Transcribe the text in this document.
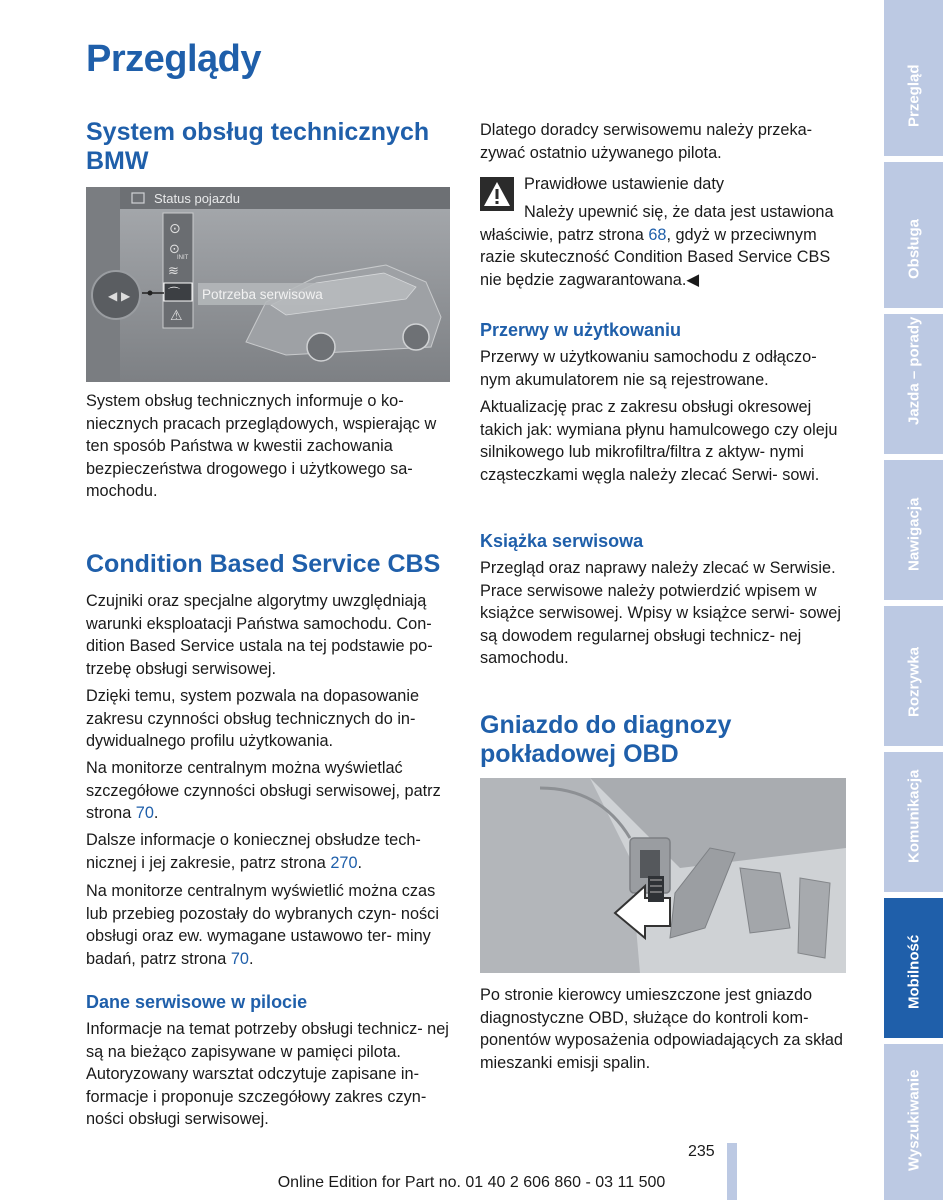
Przeglądy
System obsług technicznych BMW
Status pojazdu
◀ ▶
⊙
⊙
INIT
≋
⌒
⚠
Potrzeba serwisowa

System obsług technicznych informuje o ko- niecznych pracach przeglądowych, wspierając w ten sposób Państwa w kwestii zachowania bezpieczeństwa drogowego i użytkowego sa- mochodu.

Condition Based Service CBS

Czujniki oraz specjalne algorytmy uwzględniają warunki eksploatacji Państwa samochodu. Con- dition Based Service ustala na tej podstawie po- trzebę obsługi serwisowej.

Dzięki temu, system pozwala na dopasowanie zakresu czynności obsług technicznych do in- dywidualnego profilu użytkowania.

Na monitorze centralnym można wyświetlać szczegółowe czynności obsługi serwisowej, patrz strona 70.

Dalsze informacje o koniecznej obsłudze tech- nicznej i jej zakresie, patrz strona 270.

Na monitorze centralnym wyświetlić można czas lub przebieg pozostały do wybranych czyn- ności obsługi oraz ew. wymagane ustawowo ter- miny badań, patrz strona 70.

Dane serwisowe w pilocie

Informacje na temat potrzeby obsługi technicz- nej są na bieżąco zapisywane w pamięci pilota. Autoryzowany warsztat odczytuje zapisane in- formacje i proponuje szczegółowy zakres czyn- ności obsługi serwisowej.

Dlatego doradcy serwisowemu należy przeka- zywać ostatnio używanego pilota.

Prawidłowe ustawienie daty

Należy upewnić się, że data jest ustawiona właściwie, patrz strona 68, gdyż w przeciwnym razie skuteczność Condition Based Service CBS nie będzie zagwarantowana.◀

Przerwy w użytkowaniu

Przerwy w użytkowaniu samochodu z odłączo- nym akumulatorem nie są rejestrowane.

Aktualizację prac z zakresu obsługi okresowej takich jak: wymiana płynu hamulcowego czy oleju silnikowego lub mikrofiltra/filtra z aktyw- nymi cząsteczkami węgla należy zlecać Serwi- sowi.

Książka serwisowa

Przegląd oraz naprawy należy zlecać w Serwisie. Prace serwisowe należy potwierdzić wpisem w książce serwisowej. Wpisy w książce serwi- sowej są dowodem regularnej obsługi technicz- nej samochodu.

Gniazdo do diagnozy pokładowej OBD

Po stronie kierowcy umieszczone jest gniazdo diagnostyczne OBD, służące do kontroli kom- ponentów wyposażenia odpowiadających za skład mieszanki emisji spalin.

Przegląd
Obsługa
Jazda – porady
Nawigacja
Rozrywka
Komunikacja
Mobilność
Wyszukiwanie
235
Online Edition for Part no. 01 40 2 606 860 - 03 11 500
